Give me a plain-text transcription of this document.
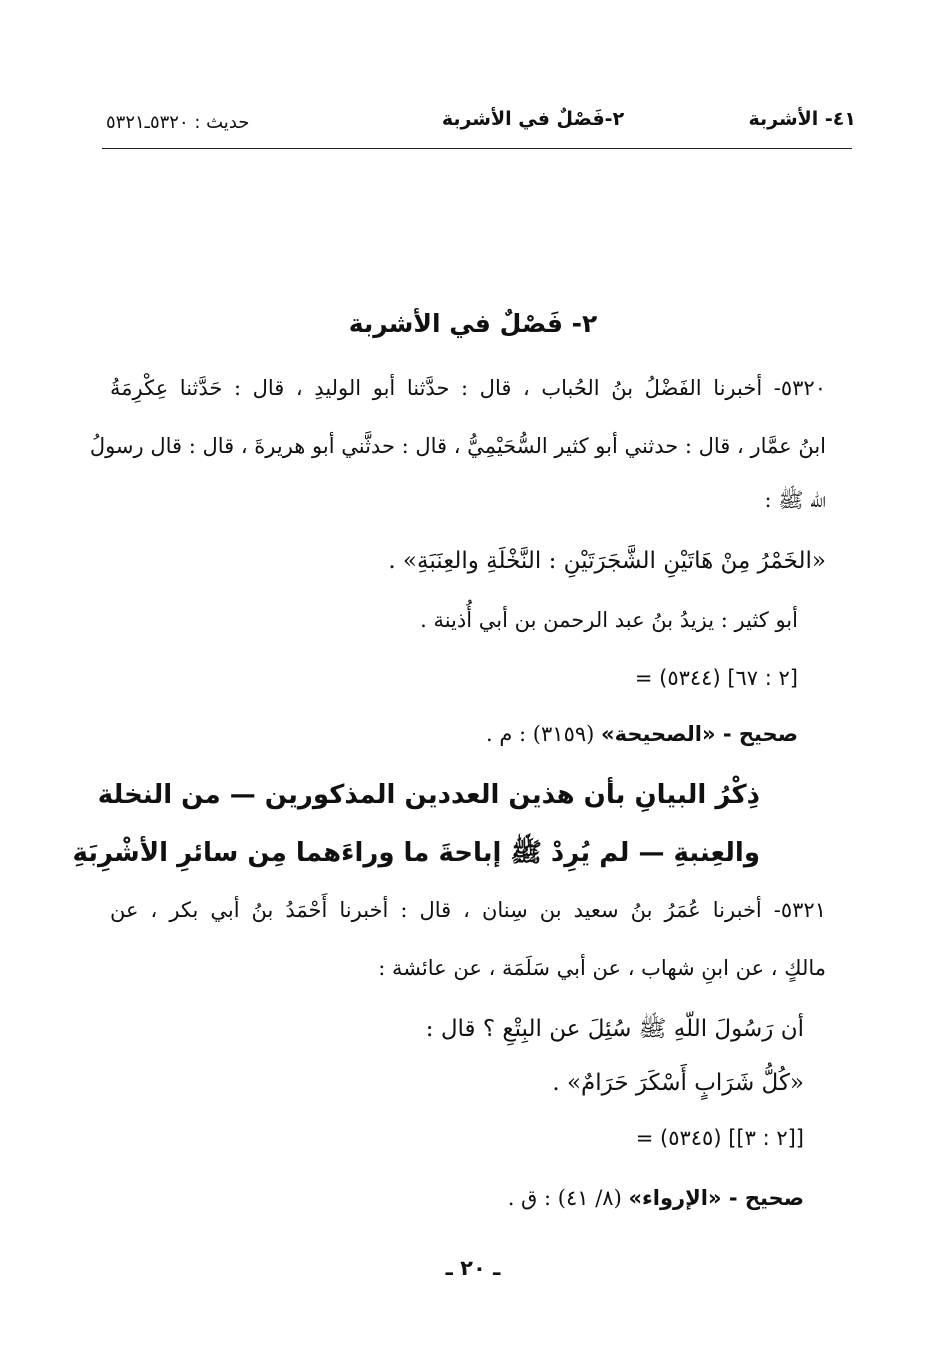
٤١- الأشربة
٢-فَصْلٌ في الأشربة
حديث : ٥٣٢٠ـ٥٣٢١
٢- فَصْلٌ في الأشربة
٥٣٢٠- أخبرنا الفَضْلُ بنُ الحُباب ، قال : حدَّثنا أبو الوليدِ ، قال : حَدَّثنا عِكْرِمَةُ
ابنُ عمَّار ، قال : حدثني أبو كثير السُّحَيْمِيُّ ، قال : حدثَّني أبو هريرةَ ، قال : قال رسولُ
اللّه ﷺ :
«الخَمْرُ مِنْ هَاتَيْنِ الشَّجَرَتَيْنِ : النَّخْلَةِ والعِنَبَةِ» .
أبو كثير : يزيدُ بنُ عبد الرحمن بن أبي أُذينة .
= (٥٣٤٤) [٢ : ٦٧]
صحيح - «الصحيحة» (٣١٥٩) : م .
ذِكْرُ البيانِ بأن هذين العددين المذكورين — من النخلة
والعِنبةِ — لم يُرِدْ ﷺ إباحةَ ما وراءَهما مِن سائرِ الأشْرِبَةِ
٥٣٢١- أخبرنا عُمَرُ بنُ سعيد بن سِنان ، قال : أخبرنا أَحْمَدُ بنُ أبي بكر ، عن
مالكٍ ، عن ابنِ شهاب ، عن أبي سَلَمَة ، عن عائشة :
أن رَسُولَ اللّهِ ﷺ سُئِلَ عن البِتْعِ ؟ قال :
«كُلُّ شَرَابٍ أَسْكَرَ حَرَامٌ» .
= (٥٣٤٥) [[٢ : ٣]]
صحيح - «الإرواء» (٨/ ٤١) : ق .
ـ ٢٠ ـ
